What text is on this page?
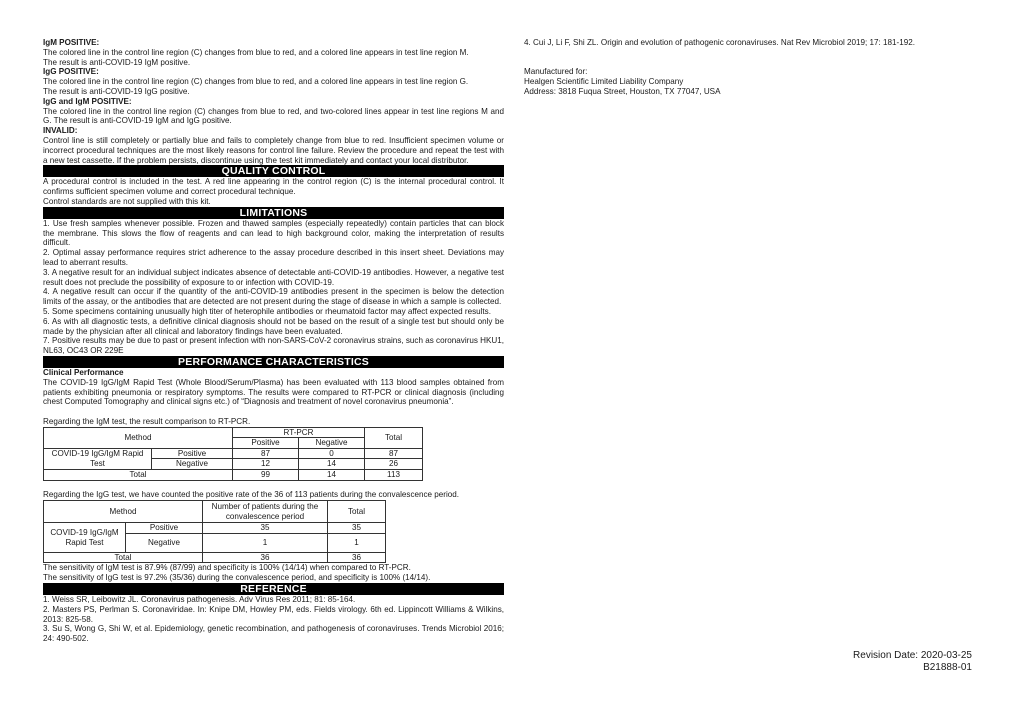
IgM POSITIVE:
The colored line in the control line region (C) changes from blue to red, and a colored line appears in test line region M.
The result is anti-COVID-19 IgM positive.
IgG POSITIVE:
The colored line in the control line region (C) changes from blue to red, and a colored line appears in test line region G.
The result is anti-COVID-19 IgG positive.
IgG and IgM POSITIVE:
The colored line in the control line region (C) changes from blue to red, and two-colored lines appear in test line regions M and G. The result is anti-COVID-19 IgM and IgG positive.
INVALID:
Control line is still completely or partially blue and fails to completely change from blue to red. Insufficient specimen volume or incorrect procedural techniques are the most likely reasons for control line failure. Review the procedure and repeat the test with a new test cassette. If the problem persists, discontinue using the test kit immediately and contact your local distributor.
QUALITY CONTROL
A procedural control is included in the test. A red line appearing in the control region (C) is the internal procedural control. It confirms sufficient specimen volume and correct procedural technique.
Control standards are not supplied with this kit.
LIMITATIONS
1. Use fresh samples whenever possible. Frozen and thawed samples (especially repeatedly) contain particles that can block the membrane. This slows the flow of reagents and can lead to high background color, making the interpretation of results difficult.
2. Optimal assay performance requires strict adherence to the assay procedure described in this insert sheet. Deviations may lead to aberrant results.
3. A negative result for an individual subject indicates absence of detectable anti-COVID-19 antibodies. However, a negative test result does not preclude the possibility of exposure to or infection with COVID-19.
4. A negative result can occur if the quantity of the anti-COVID-19 antibodies present in the specimen is below the detection limits of the assay, or the antibodies that are detected are not present during the stage of disease in which a sample is collected.
5. Some specimens containing unusually high titer of heterophile antibodies or rheumatoid factor may affect expected results.
6. As with all diagnostic tests, a definitive clinical diagnosis should not be based on the result of a single test but should only be made by the physician after all clinical and laboratory findings have been evaluated.
7. Positive results may be due to past or present infection with non-SARS-CoV-2 coronavirus strains, such as coronavirus HKU1, NL63, OC43 OR 229E
PERFORMANCE CHARACTERISTICS
Clinical Performance
The COVID-19 IgG/IgM Rapid Test (Whole Blood/Serum/Plasma) has been evaluated with 113 blood samples obtained from patients exhibiting pneumonia or respiratory symptoms. The results were compared to RT-PCR or clinical diagnosis (including chest Computed Tomography and clinical signs etc.) of “Diagnosis and treatment of novel coronavirus pneumonia”.
Regarding the IgM test, the result comparison to RT-PCR.
Method		RT-PCR		Total
		Positive	Negative	
COVID-19 IgG/IgM Rapid Test	Positive	87	0	87
	Negative	12	14	26
Total		99	14	113
Regarding the IgG test, we have counted the positive rate of the 36 of 113 patients during the convalescence period.
Method		Number of patients during the convalescence period	Total
COVID-19 IgG/IgM Rapid Test	Positive	35	35
	Negative	1	1
Total		36	36
The sensitivity of IgM test is 87.9% (87/99) and specificity is 100% (14/14) when compared to RT-PCR.
The sensitivity of IgG test is 97.2% (35/36) during the convalescence period, and specificity is 100% (14/14).
REFERENCE
1. Weiss SR, Leibowitz JL. Coronavirus pathogenesis. Adv Virus Res 2011; 81: 85-164.
2. Masters PS, Perlman S. Coronaviridae. In: Knipe DM, Howley PM, eds. Fields virology. 6th ed. Lippincott Williams & Wilkins, 2013: 825-58.
3. Su S, Wong G, Shi W, et al. Epidemiology, genetic recombination, and pathogenesis of coronaviruses. Trends Microbiol 2016; 24: 490-502.
4. Cui J, Li F, Shi ZL. Origin and evolution of pathogenic coronaviruses. Nat Rev Microbiol 2019; 17: 181-192.
Manufactured for:
Healgen Scientific Limited Liability Company
Address: 3818 Fuqua Street, Houston, TX 77047, USA
Revision Date: 2020-03-25
B21888-01
